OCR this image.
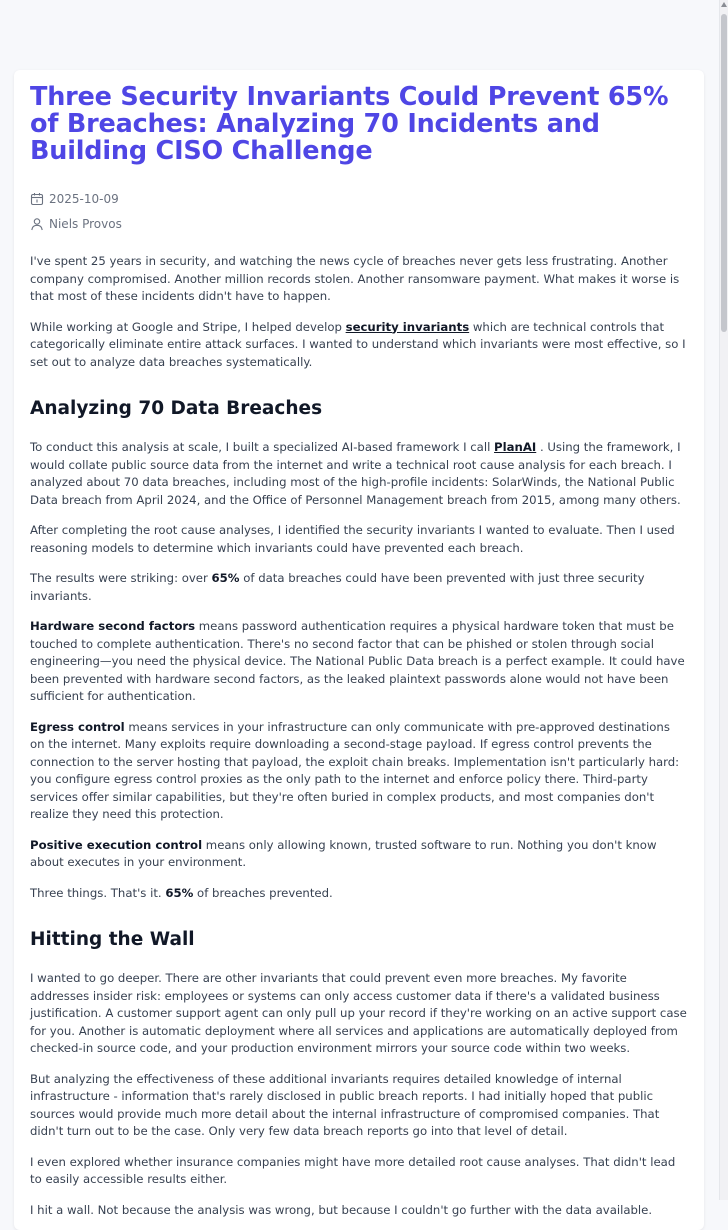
Three Security Invariants Could Prevent 65% of Breaches: Analyzing 70 Incidents and Building CISO Challenge
2025-10-09
Niels Provos

I've spent 25 years in security, and watching the news cycle of breaches never gets less frustrating. Another company compromised. Another million records stolen. Another ransomware payment. What makes it worse is that most of these incidents didn't have to happen.

While working at Google and Stripe, I helped develop security invariants which are technical controls that categorically eliminate entire attack surfaces. I wanted to understand which invariants were most effective, so I set out to analyze data breaches systematically.

Analyzing 70 Data Breaches

To conduct this analysis at scale, I built a specialized AI-based framework I call PlanAI . Using the framework, I would collate public source data from the internet and write a technical root cause analysis for each breach. I analyzed about 70 data breaches, including most of the high-profile incidents: SolarWinds, the National Public Data breach from April 2024, and the Office of Personnel Management breach from 2015, among many others.

After completing the root cause analyses, I identified the security invariants I wanted to evaluate. Then I used reasoning models to determine which invariants could have prevented each breach.

The results were striking: over 65% of data breaches could have been prevented with just three security invariants.

Hardware second factors means password authentication requires a physical hardware token that must be touched to complete authentication. There's no second factor that can be phished or stolen through social engineering—you need the physical device. The National Public Data breach is a perfect example. It could have been prevented with hardware second factors, as the leaked plaintext passwords alone would not have been sufficient for authentication.

Egress control means services in your infrastructure can only communicate with pre-approved destinations on the internet. Many exploits require downloading a second-stage payload. If egress control prevents the connection to the server hosting that payload, the exploit chain breaks. Implementation isn't particularly hard: you configure egress control proxies as the only path to the internet and enforce policy there. Third-party services offer similar capabilities, but they're often buried in complex products, and most companies don't realize they need this protection.

Positive execution control means only allowing known, trusted software to run. Nothing you don't know about executes in your environment.

Three things. That's it. 65% of breaches prevented.

Hitting the Wall

I wanted to go deeper. There are other invariants that could prevent even more breaches. My favorite addresses insider risk: employees or systems can only access customer data if there's a validated business justification. A customer support agent can only pull up your record if they're working on an active support case for you. Another is automatic deployment where all services and applications are automatically deployed from checked-in source code, and your production environment mirrors your source code within two weeks.

But analyzing the effectiveness of these additional invariants requires detailed knowledge of internal infrastructure - information that's rarely disclosed in public breach reports. I had initially hoped that public sources would provide much more detail about the internal infrastructure of compromised companies. That didn't turn out to be the case. Only very few data breach reports go into that level of detail.

I even explored whether insurance companies might have more detailed root cause analyses. That didn't lead to easily accessible results either.

I hit a wall. Not because the analysis was wrong, but because I couldn't go further with the data available.
